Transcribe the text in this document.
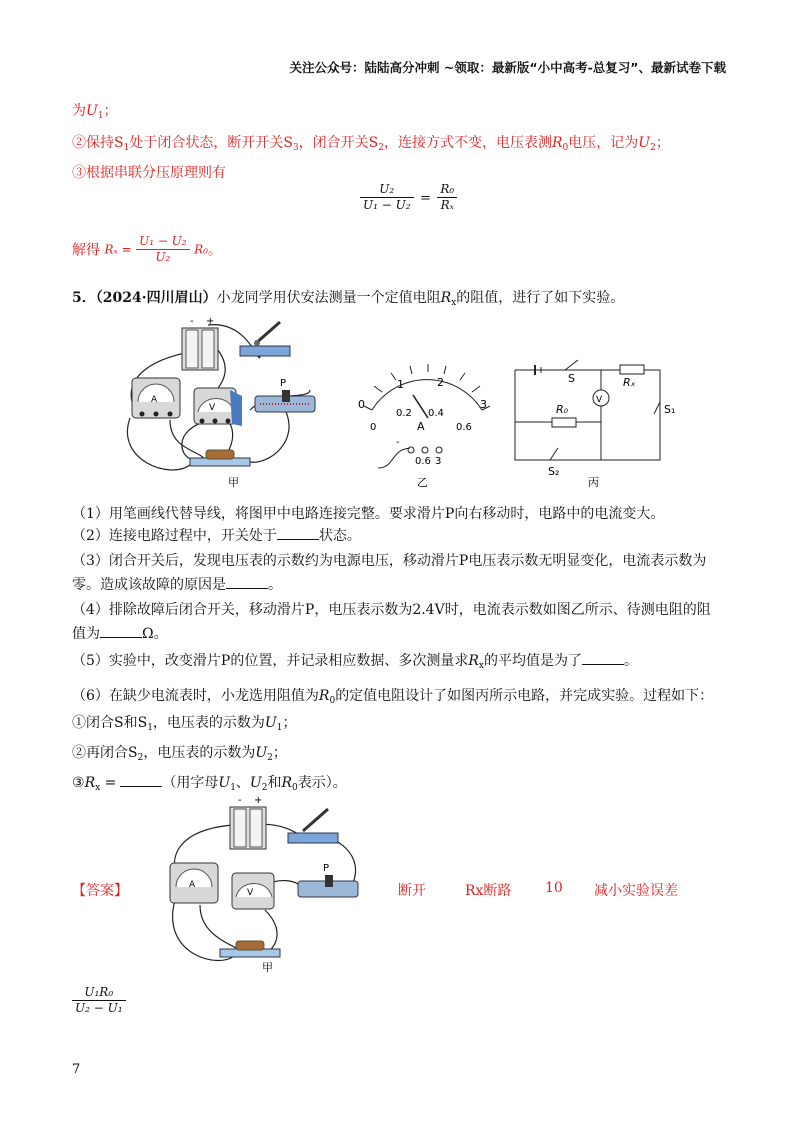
关注公众号：陆陆高分冲刺 ~领取：最新版“小中高考-总复习”、最新试卷下载
为$U_1$；
②保持$S_1$处于闭合状态，断开开关$S_3$，闭合开关$S_2$，连接方式不变，电压表测$R_0$电压，记为$U_2$；
③根据串联分压原理则有
$\frac{\text{U₂}}{\text{U₁ − U₂}} = \frac{\text{R₀}}{\text{Rₓ}}$
解得 $R_x = \frac{\text{U₁ − U₂}}{\text{U₂}} R_0$。
5．（2024·四川眉山）小龙同学用伏安法测量一个定值电阻$R_x$的阻值，进行了如下实验。
- +
A
V
P
甲
0
1	2
3
0
0.2 0.4
0.6
A
-
0.6 3
乙
S	Rₓ
V
S₁
R₀
S₂
丙
（1）用笔画线代替导线，将图甲中电路连接完整。要求滑片P向右移动时，电路中的电流变大。
（2）连接电路过程中，开关处于	状态。
（3）闭合开关后，发现电压表的示数约为电源电压，移动滑片P电压表示数无明显变化，电流表示数为
零。造成该故障的原因是	。
（4）排除故障后闭合开关，移动滑片P，电压表示数为2.4V时，电流表示数如图乙所示、待测电阻的阻
值为	Ω。
（5）实验中，改变滑片P的位置，并记录相应数据、多次测量求$R_x$的平均值是为了	。
（6）在缺少电流表时，小龙选用阻值为$R_0$的定值电阻设计了如图丙所示电路，并完成实验。过程如下：
①闭合S和$S_1$，电压表的示数为$U_1$；
②再闭合$S_2$，电压表的示数为$U_2$；
$③R_x$ =	（用字母$U_1$、$U_2$和$R_0$表示）。
- +
A
V
P
甲
【答案】	断开	Rx断路 10 减小实验误差
$\frac{\text{U₁R₀}}{\text{U₂ − U₁}}$
7
